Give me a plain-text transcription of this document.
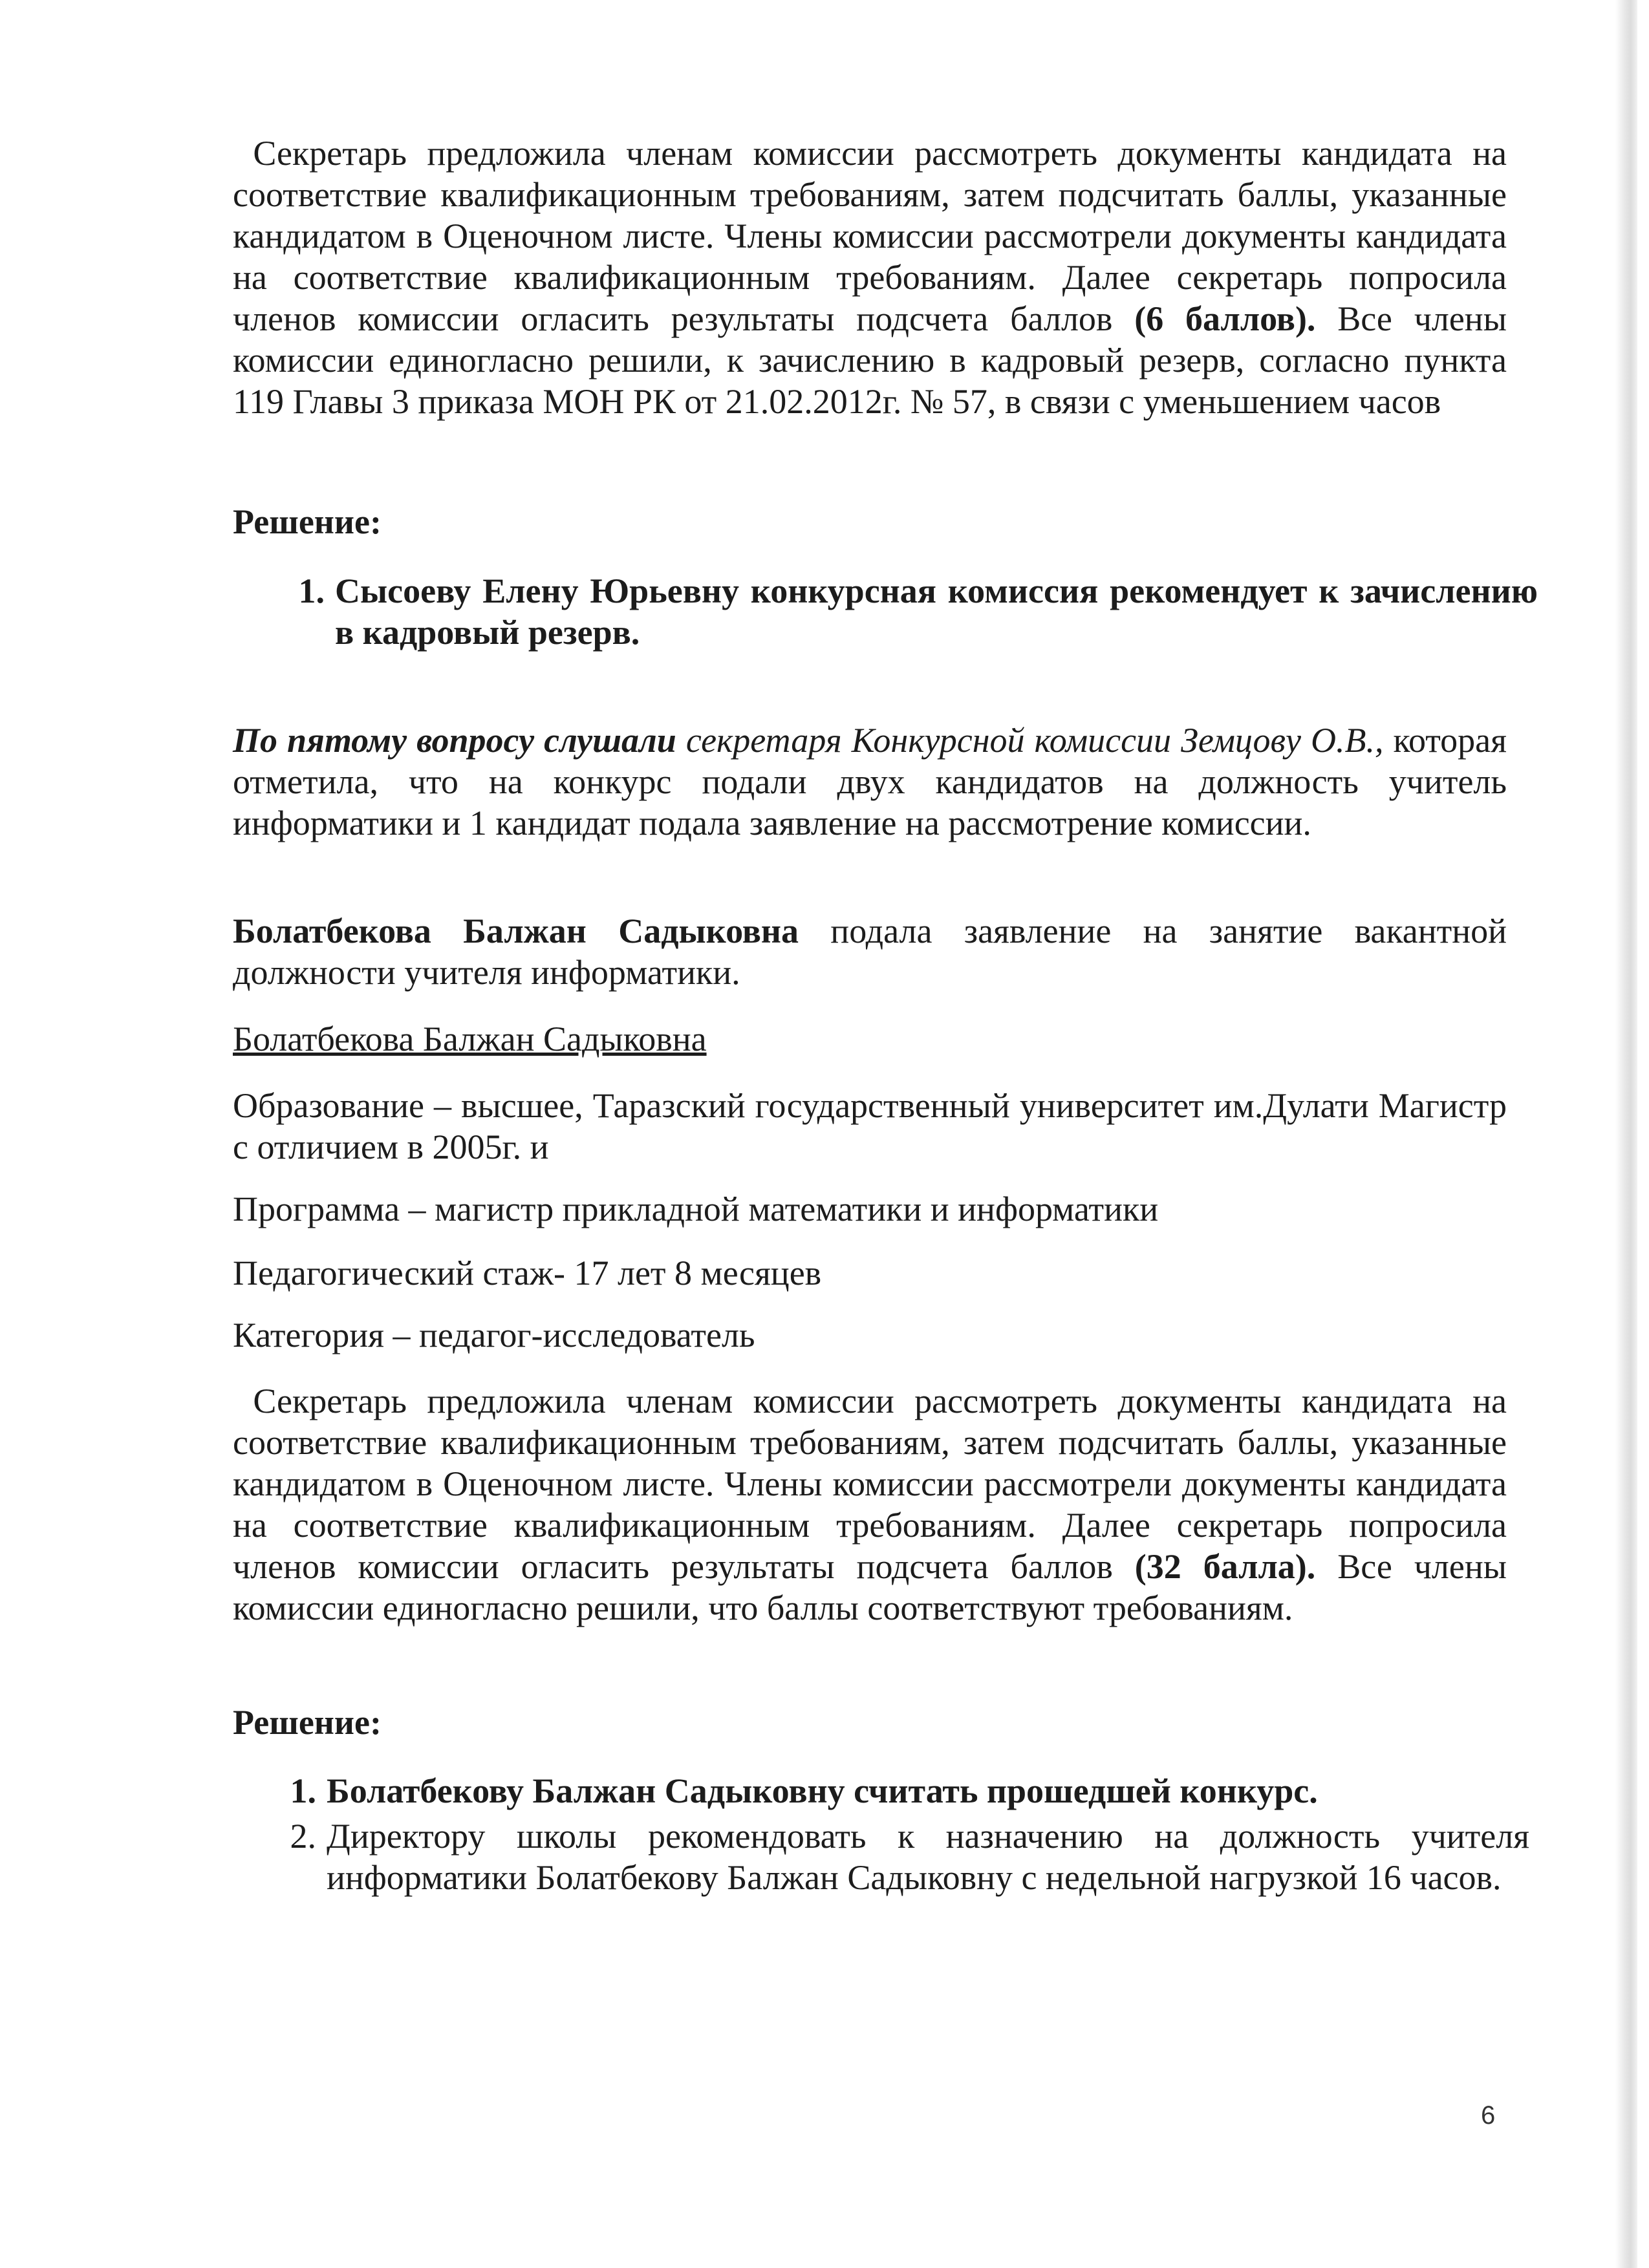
Секретарь предложила членам комиссии рассмотреть документы кандидата на соответствие квалификационным требованиям, затем подсчитать баллы, указанные кандидатом в Оценочном листе. Члены комиссии рассмотрели документы кандидата на соответствие квалификационным требованиям. Далее секретарь попросила членов комиссии огласить результаты подсчета баллов (6 баллов). Все члены комиссии единогласно решили, к зачислению в кадровый резерв, согласно пункта 119 Главы 3 приказа МОН РК от 21.02.2012г. № 57, в связи с уменьшением часов

Решение:
1. Сысоеву Елену Юрьевну конкурсная комиссия рекомендует к зачислению в кадровый резерв.

По пятому вопросу слушали секретаря Конкурсной комиссии Земцову О.В., которая отметила, что на конкурс подали двух кандидатов на должность учитель информатики и 1 кандидат подала заявление на рассмотрение комиссии.

Болатбекова Балжан Садыковна подала заявление на занятие вакантной должности учителя информатики.

Болатбекова Балжан Садыковна
Образование – высшее, Таразский государственный университет им.Дулати Магистр с отличием в 2005г. и
Программа – магистр прикладной математики и информатики
Педагогический стаж- 17 лет 8 месяцев
Категория – педагог-исследователь

Секретарь предложила членам комиссии рассмотреть документы кандидата на соответствие квалификационным требованиям, затем подсчитать баллы, указанные кандидатом в Оценочном листе. Члены комиссии рассмотрели документы кандидата на соответствие квалификационным требованиям. Далее секретарь попросила членов комиссии огласить результаты подсчета баллов (32 балла). Все члены комиссии единогласно решили, что баллы соответствуют требованиям.

Решение:
1. Болатбекову Балжан Садыковну считать прошедшей конкурс.
2. Директору школы рекомендовать к назначению на должность учителя информатики Болатбекову Балжан Садыковну с недельной нагрузкой 16 часов.
6
